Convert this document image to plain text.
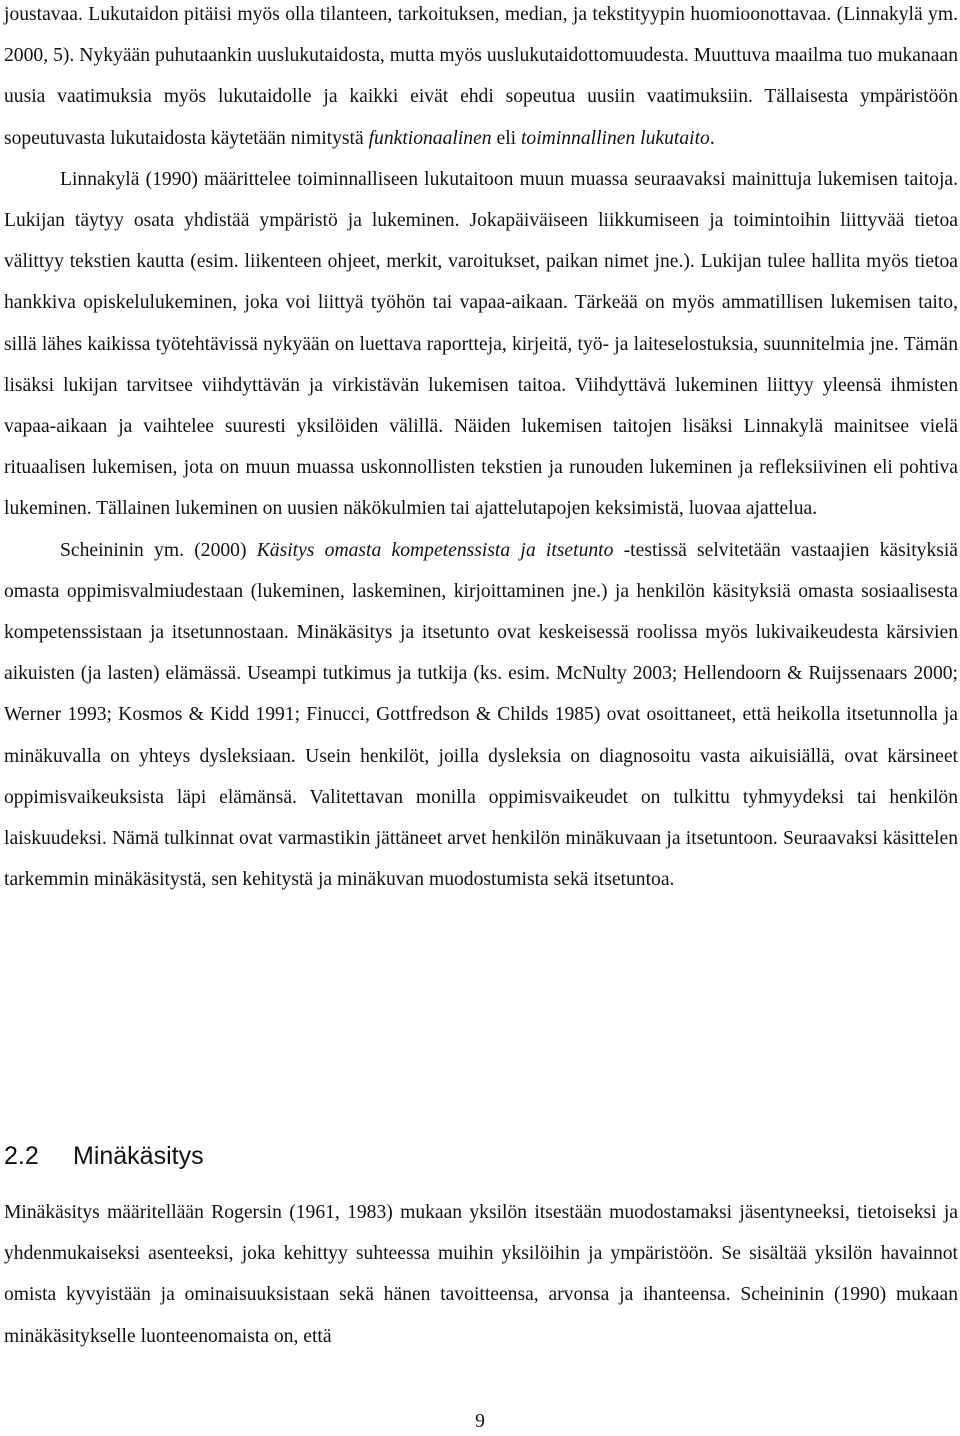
joustavaa. Lukutaidon pitäisi myös olla tilanteen, tarkoituksen, median, ja tekstityypin huomioonottavaa. (Linnakylä ym. 2000, 5). Nykyään puhutaankin uuslukutaidosta, mutta myös uuslukutaidottomuudesta. Muuttuva maailma tuo mukanaan uusia vaatimuksia myös lukutaidolle ja kaikki eivät ehdi sopeutua uusiin vaatimuksiin. Tällaisesta ympäristöön sopeutuvasta lukutaidosta käytetään nimitystä funktionaalinen eli toiminnallinen lukutaito.

Linnakylä (1990) määrittelee toiminnalliseen lukutaitoon muun muassa seuraavaksi mainittuja lukemisen taitoja. Lukijan täytyy osata yhdistää ympäristö ja lukeminen. Jokapäiväiseen liikkumiseen ja toimintoihin liittyvää tietoa välittyy tekstien kautta (esim. liikenteen ohjeet, merkit, varoitukset, paikan nimet jne.). Lukijan tulee hallita myös tietoa hankkiva opiskelulukeminen, joka voi liittyä työhön tai vapaa-aikaan. Tärkeää on myös ammatillisen lukemisen taito, sillä lähes kaikissa työtehtävissä nykyään on luettava raportteja, kirjeitä, työ- ja laiteselostuksia, suunnitelmia jne. Tämän lisäksi lukijan tarvitsee viihdyttävän ja virkistävän lukemisen taitoa. Viihdyttävä lukeminen liittyy yleensä ihmisten vapaa-aikaan ja vaihtelee suuresti yksilöiden välillä. Näiden lukemisen taitojen lisäksi Linnakylä mainitsee vielä rituaalisen lukemisen, jota on muun muassa uskonnollisten tekstien ja runouden lukeminen ja refleksiivinen eli pohtiva lukeminen. Tällainen lukeminen on uusien näkökulmien tai ajattelutapojen keksimistä, luovaa ajattelua.

Scheininin ym. (2000) Käsitys omasta kompetenssista ja itsetunto -testissä selvitetään vastaajien käsityksiä omasta oppimisvalmiudestaan (lukeminen, laskeminen, kirjoittaminen jne.) ja henkilön käsityksiä omasta sosiaalisesta kompetenssistaan ja itsetunnostaan. Minäkäsitys ja itsetunto ovat keskeisessä roolissa myös lukivaikeudesta kärsivien aikuisten (ja lasten) elämässä. Useampi tutkimus ja tutkija (ks. esim. McNulty 2003; Hellendoorn & Ruijssenaars 2000; Werner 1993; Kosmos & Kidd 1991; Finucci, Gottfredson & Childs 1985) ovat osoittaneet, että heikolla itsetunnolla ja minäkuvalla on yhteys dysleksiaan. Usein henkilöt, joilla dysleksia on diagnosoitu vasta aikuisiällä, ovat kärsineet oppimisvaikeuksista läpi elämänsä. Valitettavan monilla oppimisvaikeudet on tulkittu tyhmyydeksi tai henkilön laiskuudeksi. Nämä tulkinnat ovat varmastikin jättäneet arvet henkilön minäkuvaan ja itsetuntoon. Seuraavaksi käsittelen tarkemmin minäkäsitystä, sen kehitystä ja minäkuvan muodostumista sekä itsetuntoa.

2.2 Minäkäsitys

Minäkäsitys määritellään Rogersin (1961, 1983) mukaan yksilön itsestään muodostamaksi jäsentyneeksi, tietoiseksi ja yhdenmukaiseksi asenteeksi, joka kehittyy suhteessa muihin yksilöihin ja ympäristöön. Se sisältää yksilön havainnot omista kyvyistään ja ominaisuuksistaan sekä hänen tavoitteensa, arvonsa ja ihanteensa. Scheininin (1990) mukaan minäkäsitykselle luonteenomaista on, että

9
